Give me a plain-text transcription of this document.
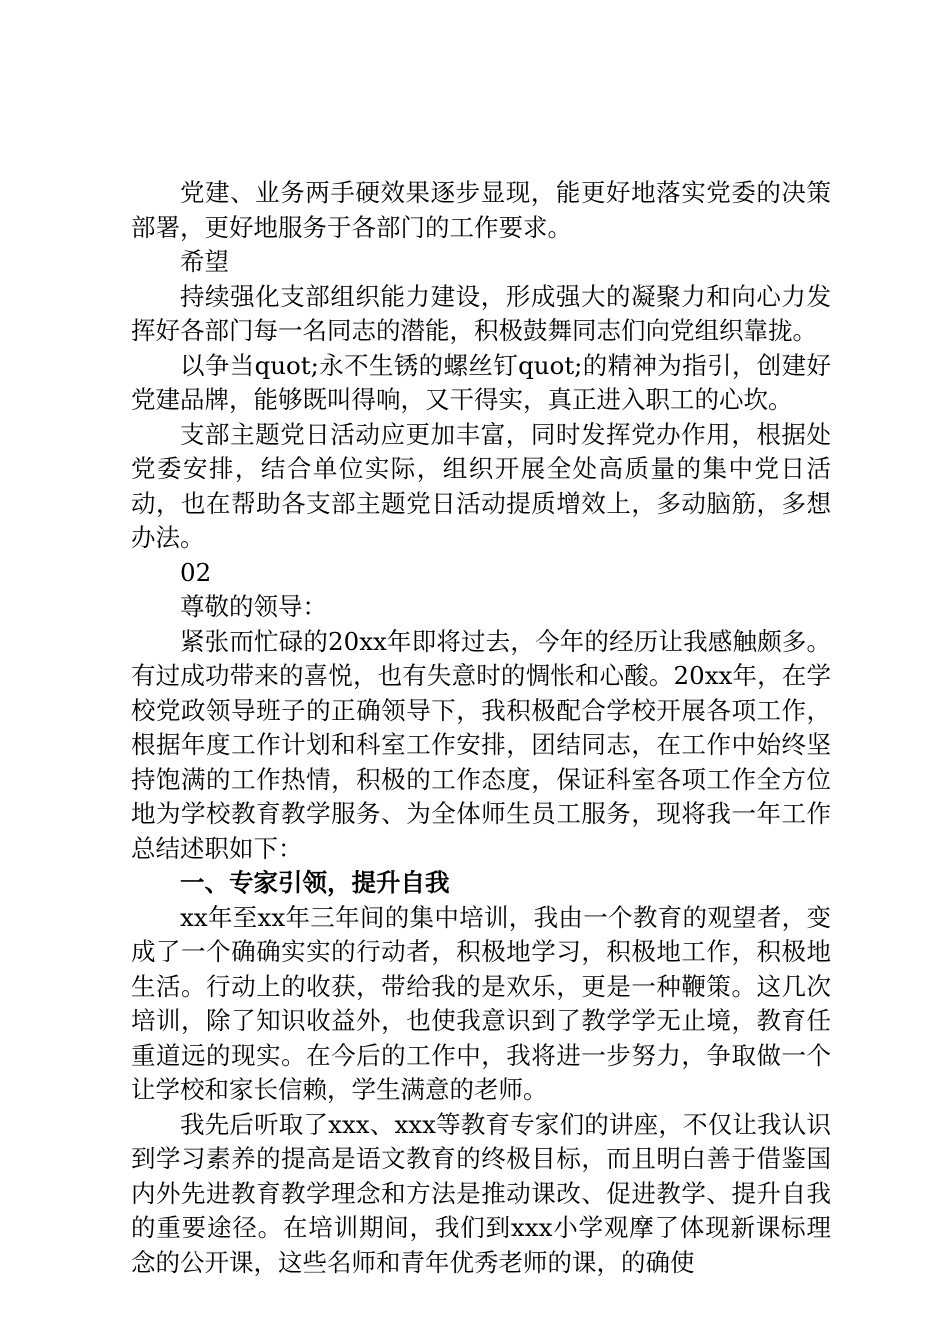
党建、业务两手硬效果逐步显现，能更好地落实党委的决策部署，更好地服务于各部门的工作要求。

希望

持续强化支部组织能力建设，形成强大的凝聚力和向心力发挥好各部门每一名同志的潜能，积极鼓舞同志们向党组织靠拢。

以争当quot;永不生锈的螺丝钉quot;的精神为指引，创建好党建品牌，能够既叫得响，又干得实，真正进入职工的心坎。

支部主题党日活动应更加丰富，同时发挥党办作用，根据处党委安排，结合单位实际，组织开展全处高质量的集中党日活动，也在帮助各支部主题党日活动提质增效上，多动脑筋，多想办法。

02

尊敬的领导：

紧张而忙碌的20xx年即将过去，今年的经历让我感触颇多。有过成功带来的喜悦，也有失意时的惆怅和心酸。20xx年，在学校党政领导班子的正确领导下，我积极配合学校开展各项工作，根据年度工作计划和科室工作安排，团结同志，在工作中始终坚持饱满的工作热情，积极的工作态度，保证科室各项工作全方位地为学校教育教学服务、为全体师生员工服务，现将我一年工作总结述职如下：

一、专家引领，提升自我

xx年至xx年三年间的集中培训，我由一个教育的观望者，变成了一个确确实实的行动者，积极地学习，积极地工作，积极地生活。行动上的收获，带给我的是欢乐，更是一种鞭策。这几次培训，除了知识收益外，也使我意识到了教学学无止境，教育任重道远的现实。在今后的工作中，我将进一步努力，争取做一个让学校和家长信赖，学生满意的老师。

我先后听取了xxx、xxx等教育专家们的讲座，不仅让我认识到学习素养的提高是语文教育的终极目标，而且明白善于借鉴国内外先进教育教学理念和方法是推动课改、促进教学、提升自我的重要途径。在培训期间，我们到xxx小学观摩了体现新课标理念的公开课，这些名师和青年优秀老师的课，的确使
